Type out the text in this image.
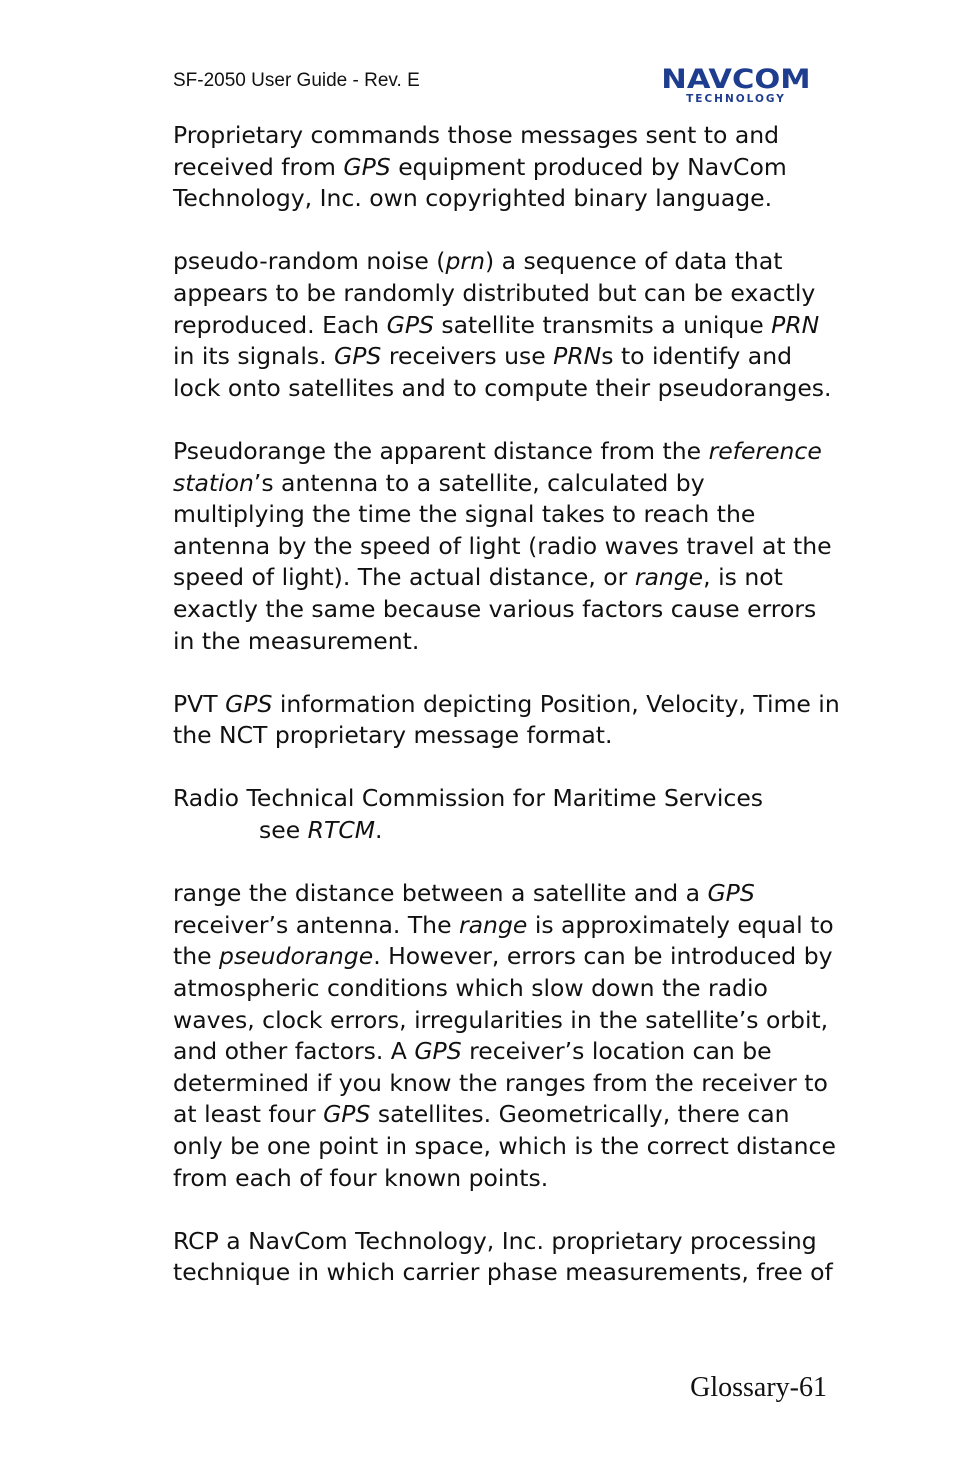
SF-2050 User Guide - Rev. E	NAVCOM
TECHNOLOGY

Proprietary commands those messages sent to and received from GPS equipment produced by NavCom Technology, Inc. own copyrighted binary language.

pseudo-random noise (prn) a sequence of data that appears to be randomly distributed but can be exactly reproduced. Each GPS satellite transmits a unique PRN in its signals. GPS receivers use PRNs to identify and lock onto satellites and to compute their pseudoranges.

Pseudorange the apparent distance from the reference station’s antenna to a satellite, calculated by multiplying the time the signal takes to reach the antenna by the speed of light (radio waves travel at the speed of light). The actual distance, or range, is not exactly the same because various factors cause errors in the measurement.

PVT GPS information depicting Position, Velocity, Time in the NCT proprietary message format.

Radio Technical Commission for Maritime Services
see RTCM.

range the distance between a satellite and a GPS receiver’s antenna. The range is approximately equal to the pseudorange. However, errors can be introduced by atmospheric conditions which slow down the radio waves, clock errors, irregularities in the satellite’s orbit, and other factors. A GPS receiver’s location can be determined if you know the ranges from the receiver to at least four GPS satellites. Geometrically, there can only be one point in space, which is the correct distance from each of four known points.

RCP a NavCom Technology, Inc. proprietary processing technique in which carrier phase measurements, free of

Glossary-61
